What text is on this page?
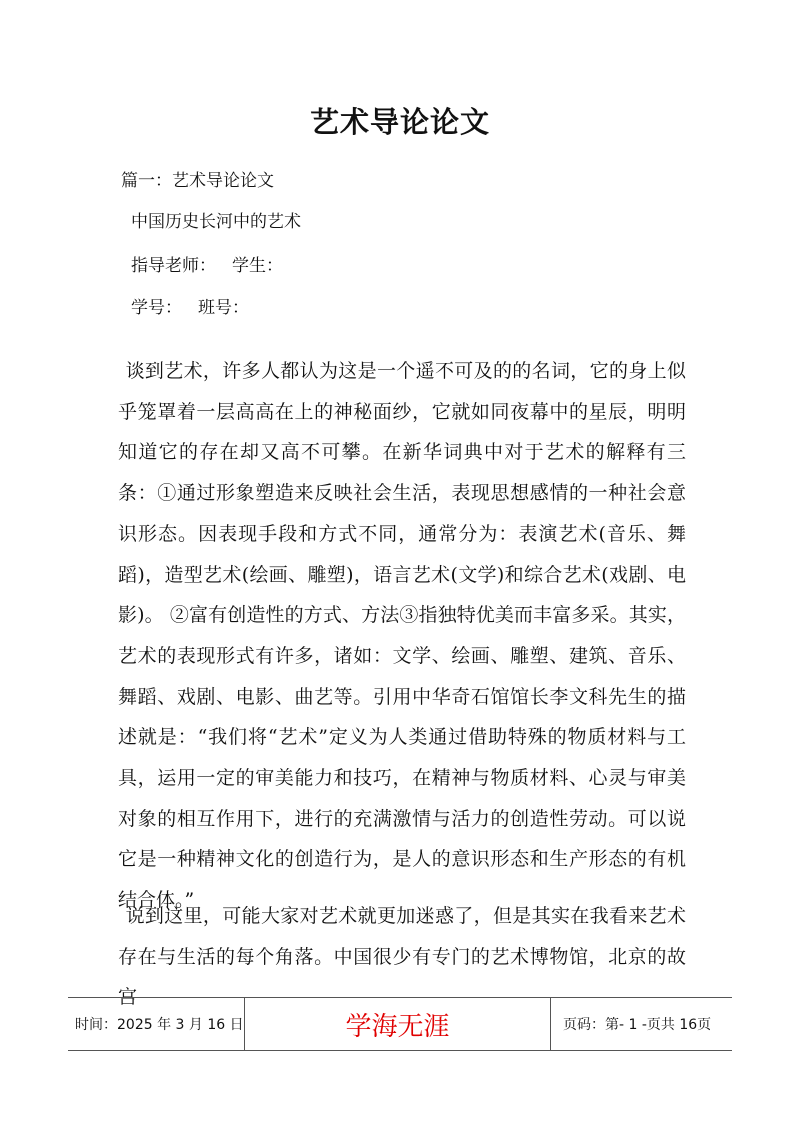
艺术导论论文
篇一：艺术导论论文
中国历史长河中的艺术
指导老师： 学生：
学号： 班号：

谈到艺术，许多人都认为这是一个遥不可及的的名词，它的身上似乎笼罩着一层高高在上的神秘面纱，它就如同夜幕中的星辰，明明知道它的存在却又高不可攀。在新华词典中对于艺术的解释有三条：①通过形象塑造来反映社会生活，表现思想感情的一种社会意识形态。因表现手段和方式不同，通常分为：表演艺术(音乐、舞蹈)，造型艺术(绘画、雕塑)，语言艺术(文学)和综合艺术(戏剧、电影)。 ②富有创造性的方式、方法③指独特优美而丰富多采。其实，艺术的表现形式有许多，诸如：文学、绘画、雕塑、建筑、音乐、舞蹈、戏剧、电影、曲艺等。引用中华奇石馆馆长李文科先生的描述就是：“我们将“艺术”定义为人类通过借助特殊的物质材料与工具，运用一定的审美能力和技巧，在精神与物质材料、心灵与审美对象的相互作用下，进行的充满激情与活力的创造性劳动。可以说它是一种精神文化的创造行为，是人的意识形态和生产形态的有机结合体。”

说到这里，可能大家对艺术就更加迷惑了，但是其实在我看来艺术存在与生活的每个角落。中国很少有专门的艺术博物馆，北京的故宫

时间：2025 年 3 月 16 日	学海无涯	页码：第- 1 -页共 16页
